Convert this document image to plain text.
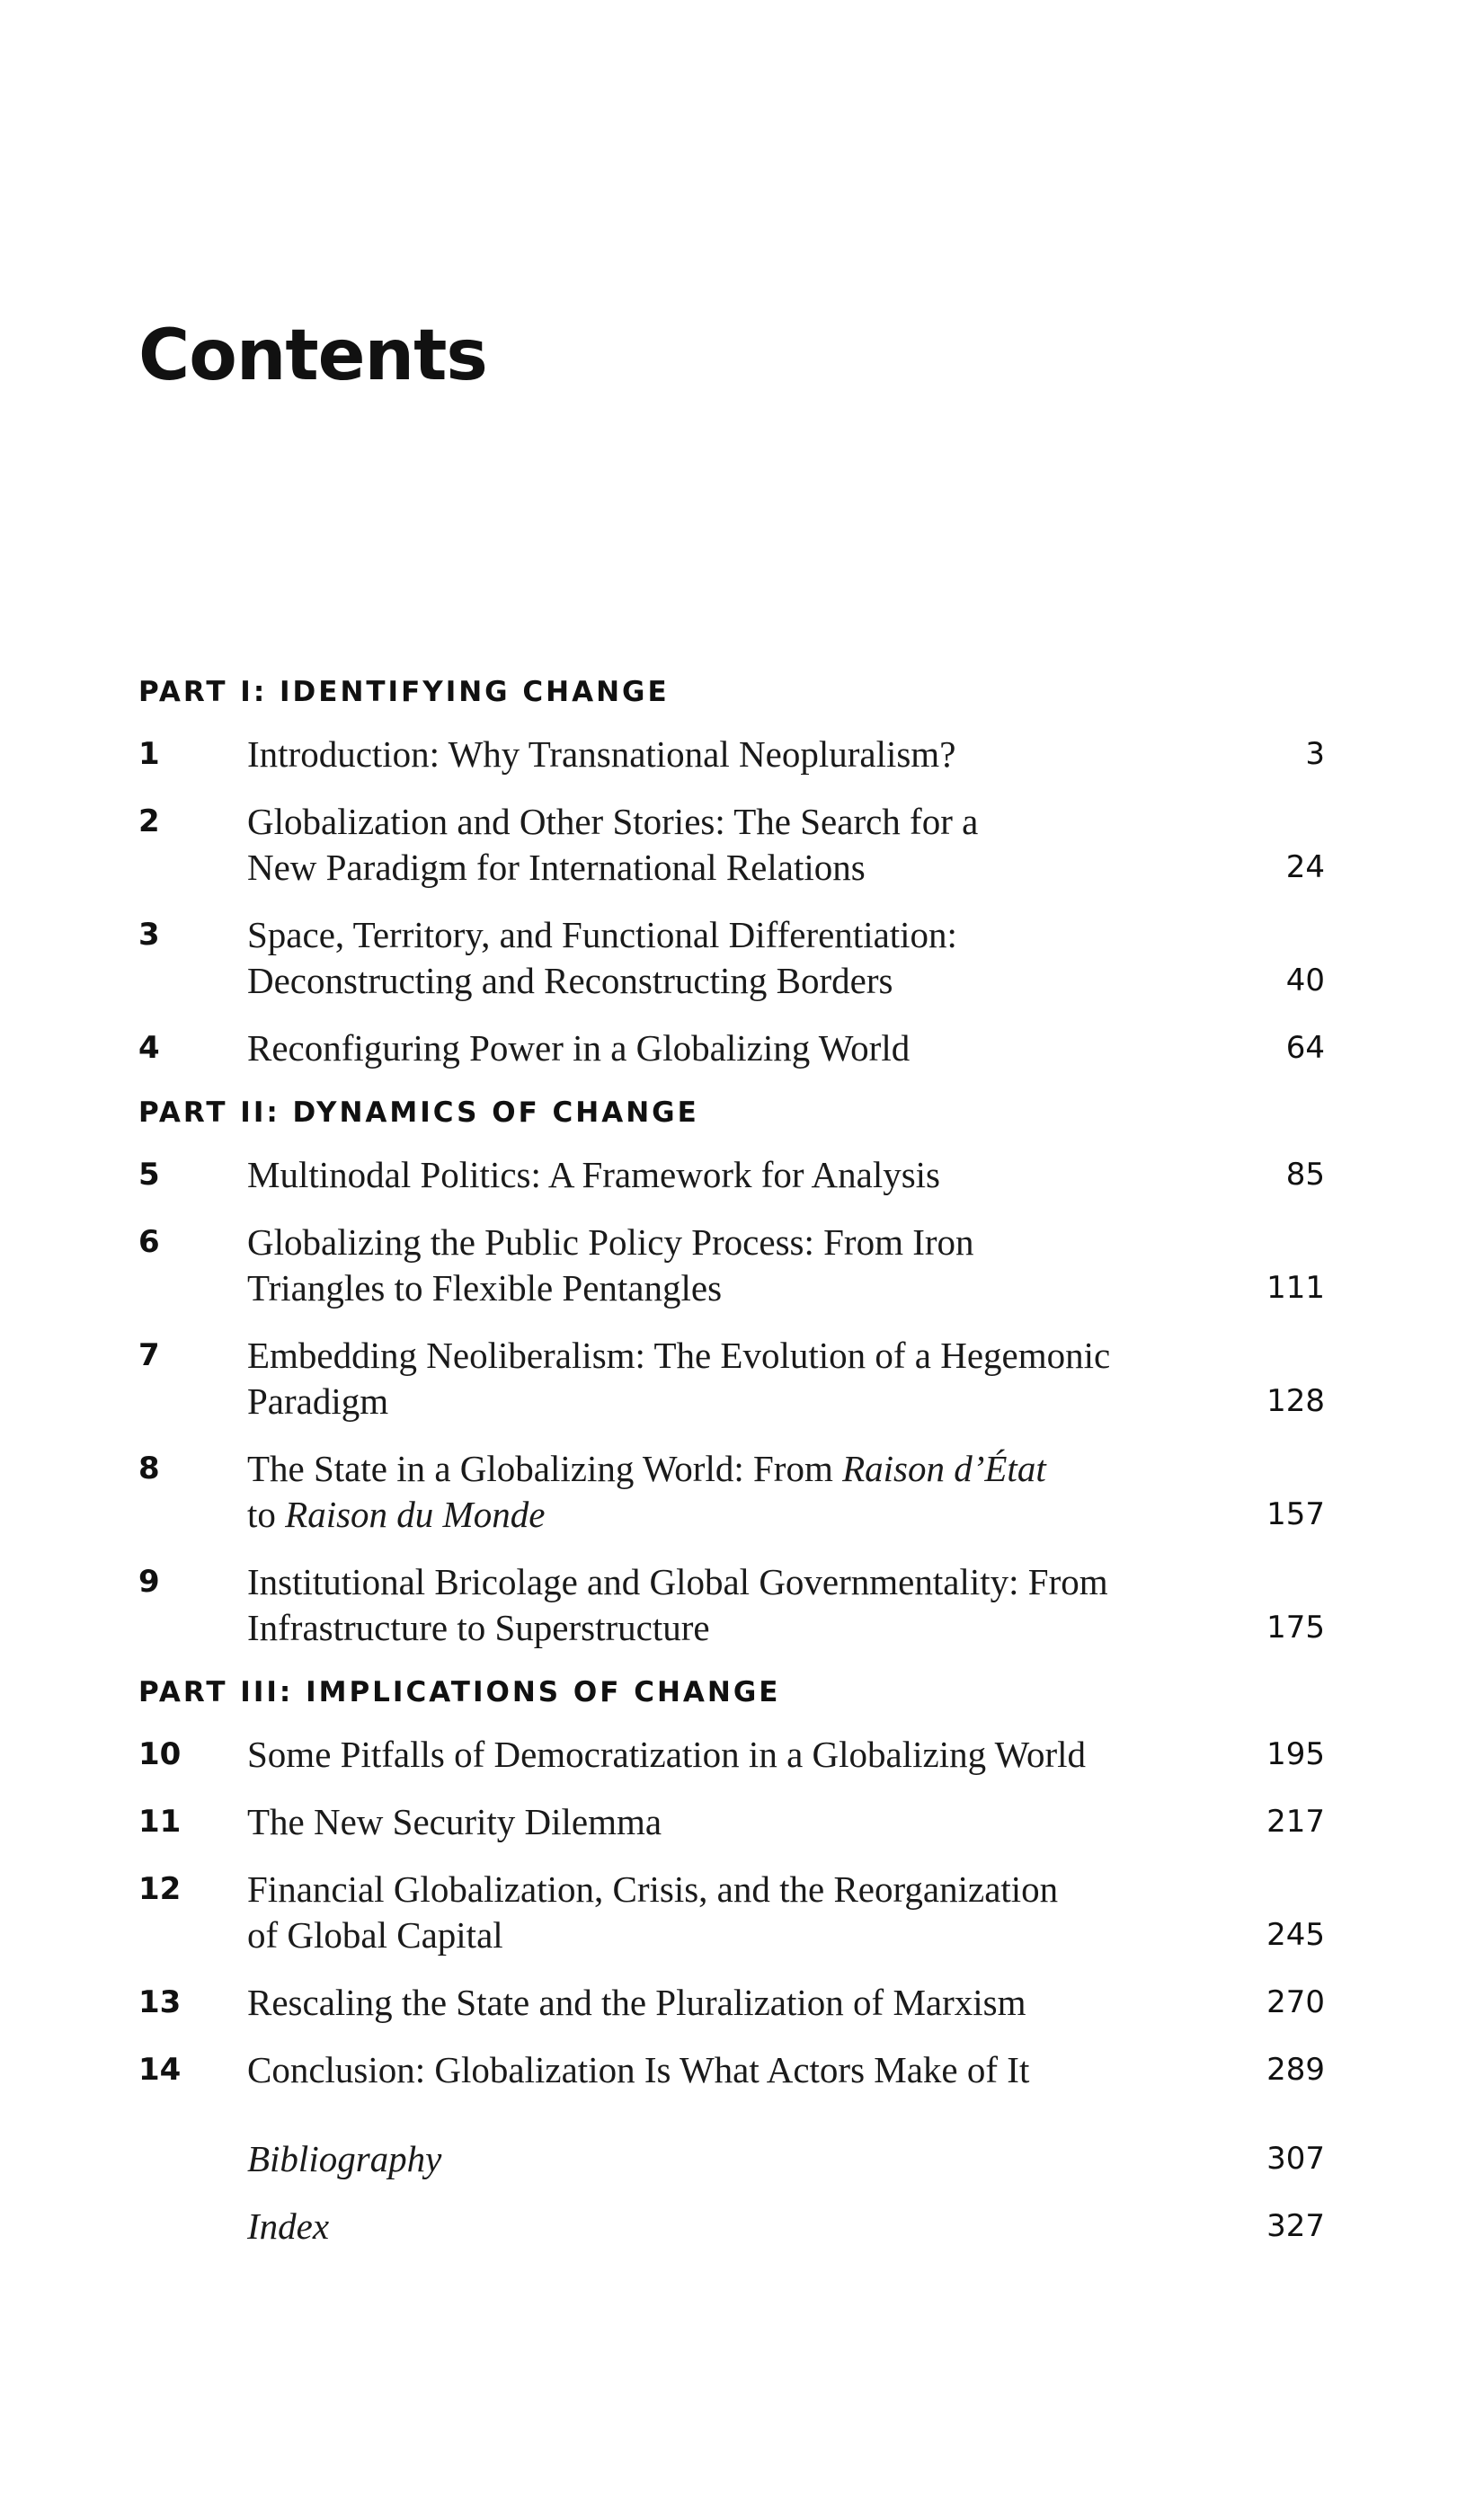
Contents
PART I: IDENTIFYING CHANGE
1	Introduction: Why Transnational Neopluralism?	3
2	Globalization and Other Stories: The Search for a
New Paradigm for International Relations	24
3	Space, Territory, and Functional Differentiation:
Deconstructing and Reconstructing Borders	40
4	Reconfiguring Power in a Globalizing World	64
PART II: DYNAMICS OF CHANGE
5	Multinodal Politics: A Framework for Analysis	85
6	Globalizing the Public Policy Process: From Iron
Triangles to Flexible Pentangles	111
7	Embedding Neoliberalism: The Evolution of a Hegemonic
Paradigm	128
8	The State in a Globalizing World: From Raison d’État
to Raison du Monde	157
9	Institutional Bricolage and Global Governmentality: From
Infrastructure to Superstructure	175
PART III: IMPLICATIONS OF CHANGE
10	Some Pitfalls of Democratization in a Globalizing World	195
11	The New Security Dilemma	217
12	Financial Globalization, Crisis, and the Reorganization
of Global Capital	245
13	Rescaling the State and the Pluralization of Marxism	270
14	Conclusion: Globalization Is What Actors Make of It	289
Bibliography	307
Index	327
